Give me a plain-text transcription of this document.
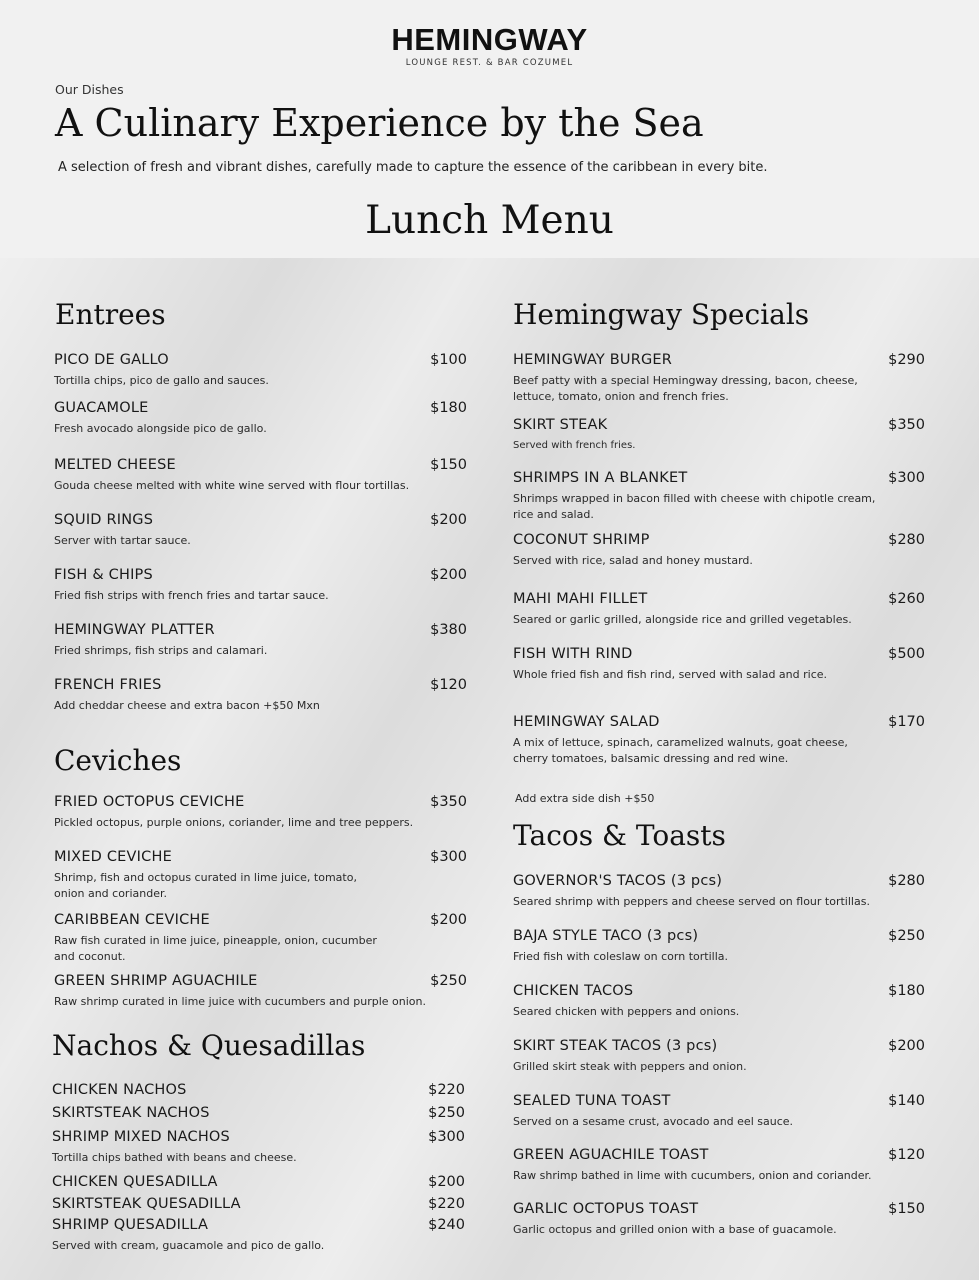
HEMINGWAY
LOUNGE REST. & BAR COZUMEL
Our Dishes
A Culinary Experience by the Sea
A selection of fresh and vibrant dishes, carefully made to capture the essence of the caribbean in every bite.
Lunch Menu
Entrees
PICO DE GALLO	$100
Tortilla chips, pico de gallo and sauces.
GUACAMOLE	$180
Fresh avocado alongside pico de gallo.
MELTED CHEESE	$150
Gouda cheese melted with white wine served with flour tortillas.
SQUID RINGS	$200
Server with tartar sauce.
FISH & CHIPS	$200
Fried fish strips with french fries and tartar sauce.
HEMINGWAY PLATTER	$380
Fried shrimps, fish strips and calamari.
FRENCH FRIES	$120
Add cheddar cheese and extra bacon +$50 Mxn
Ceviches
FRIED OCTOPUS CEVICHE	$350
Pickled octopus, purple onions, coriander, lime and tree peppers.
MIXED CEVICHE	$300
Shrimp, fish and octopus curated in lime juice, tomato,
onion and coriander.
CARIBBEAN CEVICHE	$200
Raw fish curated in lime juice, pineapple, onion, cucumber
and coconut.
GREEN SHRIMP AGUACHILE	$250
Raw shrimp curated in lime juice with cucumbers and purple onion.
Nachos & Quesadillas
CHICKEN NACHOS	$220
SKIRTSTEAK NACHOS	$250
SHRIMP MIXED NACHOS	$300
Tortilla chips bathed with beans and cheese.
CHICKEN QUESADILLA	$200
SKIRTSTEAK QUESADILLA	$220
SHRIMP QUESADILLA	$240
Served with cream, guacamole and pico de gallo.
Hemingway Specials
HEMINGWAY BURGER	$290
Beef patty with a special Hemingway dressing, bacon, cheese,
lettuce, tomato, onion and french fries.
SKIRT STEAK	$350
Served with french fries.
SHRIMPS IN A BLANKET	$300
Shrimps wrapped in bacon filled with cheese with chipotle cream,
rice and salad.
COCONUT SHRIMP	$280
Served with rice, salad and honey mustard.
MAHI MAHI FILLET	$260
Seared or garlic grilled, alongside rice and grilled vegetables.
FISH WITH RIND	$500
Whole fried fish and fish rind, served with salad and rice.
HEMINGWAY SALAD	$170
A mix of lettuce, spinach, caramelized walnuts, goat cheese,
cherry tomatoes, balsamic dressing and red wine.
Add extra side dish +$50
Tacos & Toasts
GOVERNOR'S TACOS (3 pcs)	$280
Seared shrimp with peppers and cheese served on flour tortillas.
BAJA STYLE TACO (3 pcs)	$250
Fried fish with coleslaw on corn tortilla.
CHICKEN TACOS	$180
Seared chicken with peppers and onions.
SKIRT STEAK TACOS (3 pcs)	$200
Grilled skirt steak with peppers and onion.
SEALED TUNA TOAST	$140
Served on a sesame crust, avocado and eel sauce.
GREEN AGUACHILE TOAST	$120
Raw shrimp bathed in lime with cucumbers, onion and coriander.
GARLIC OCTOPUS TOAST	$150
Garlic octopus and grilled onion with a base of guacamole.
